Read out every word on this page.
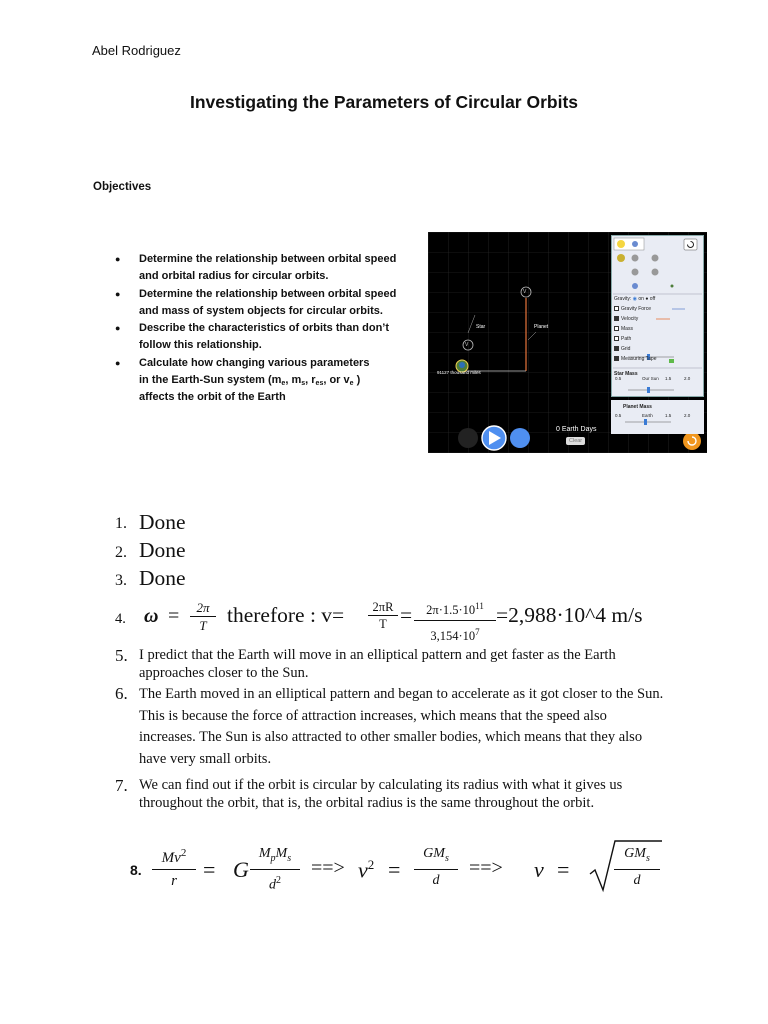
Abel Rodriguez
Investigating the Parameters of Circular Orbits
Objectives
● Determine the relationship between orbital speed and orbital radius for circular orbits.
● Determine the relationship between orbital speed and mass of system objects for circular orbits.
● Describe the characteristics of orbits than don’t follow this relationship.
● Calculate how changing various parameters
in the Earth-Sun system ($m_e$, $m_s$, $r_{es}$, or $v_e$ )
affects the orbit of the Earth
V
V
Star	Planet
91127 thousand miles
0 Earth Days
Clear
Gravity: ◉ on ● off
Gravity Force
Velocity
Mass
Path
Grid
Measuring Tape
Star Mass
0.5	Our Sun 1.5	2.0
Planet Mass
0.5	Earth	1.5	2.0
1. Done
2. Done
3. Done
4. $\omega = \frac{2\pi}{T}$ therefore : $v= \frac{2\pi R}{T} = \frac{2\pi\cdot 1.5\cdot 10^{11}}{3,154\cdot 10^7}$ =2,988·10^4 m/s
5. I predict that the Earth will move in an elliptical pattern and get faster as the Earth approaches closer to the Sun.
6. The Earth moved in an elliptical pattern and began to accelerate as it got closer to the Sun. This is because the force of attraction increases, which means that the speed also increases. The Sun is also attracted to other smaller bodies, which means that they also have very small orbits.
7. We can find out if the orbit is circular by calculating its radius with what it gives us throughout the orbit, that is, the orbital radius is the same throughout the orbit.
8. $\frac{Mv^2}{r} = G$
$M_pM_s$
$d^2$
==> $v^2$ =
$GM_s$
d
==> v =
$GM_s$
d
